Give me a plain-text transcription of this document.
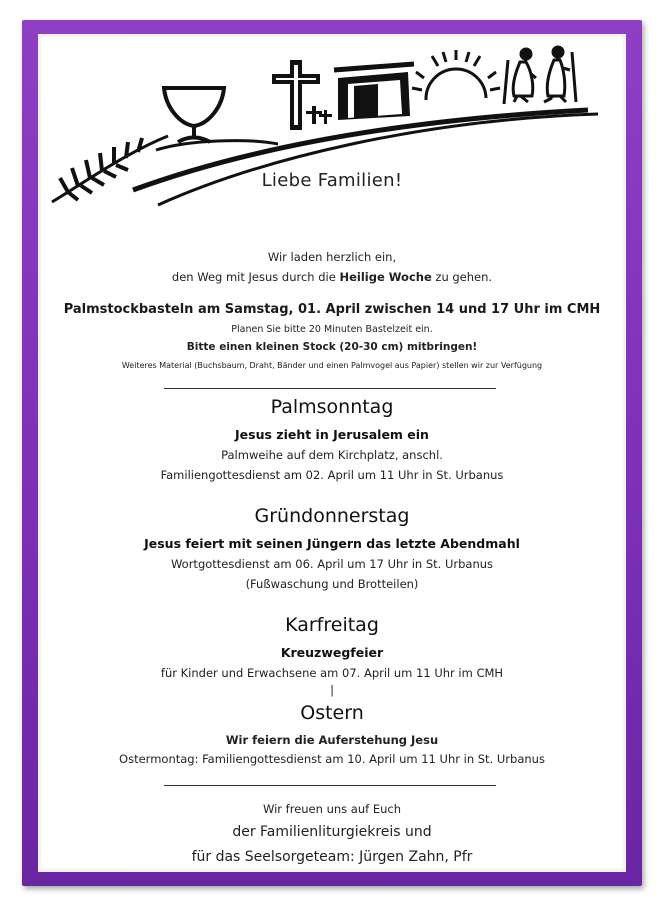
Liebe Familien!
Wir laden herzlich ein,
den Weg mit Jesus durch die Heilige Woche zu gehen.
Palmstockbasteln am Samstag, 01. April zwischen 14 und 17 Uhr im CMH
Planen Sie bitte 20 Minuten Bastelzeit ein.
Bitte einen kleinen Stock (20-30 cm) mitbringen!
Weiteres Material (Buchsbaum, Draht, Bänder und einen Palmvogel aus Papier) stellen wir zur Verfügung
Palmsonntag
Jesus zieht in Jerusalem ein
Palmweihe auf dem Kirchplatz, anschl.
Familiengottesdienst am 02. April um 11 Uhr in St. Urbanus
Gründonnerstag
Jesus feiert mit seinen Jüngern das letzte Abendmahl
Wortgottesdienst am 06. April um 17 Uhr in St. Urbanus
(Fußwaschung und Brotteilen)
Karfreitag
Kreuzwegfeier
für Kinder und Erwachsene am 07. April um 11 Uhr im CMH
|
Ostern
Wir feiern die Auferstehung Jesu
Ostermontag: Familiengottesdienst am 10. April um 11 Uhr in St. Urbanus
Wir freuen uns auf Euch
der Familienliturgiekreis und
für das Seelsorgeteam: Jürgen Zahn, Pfr
